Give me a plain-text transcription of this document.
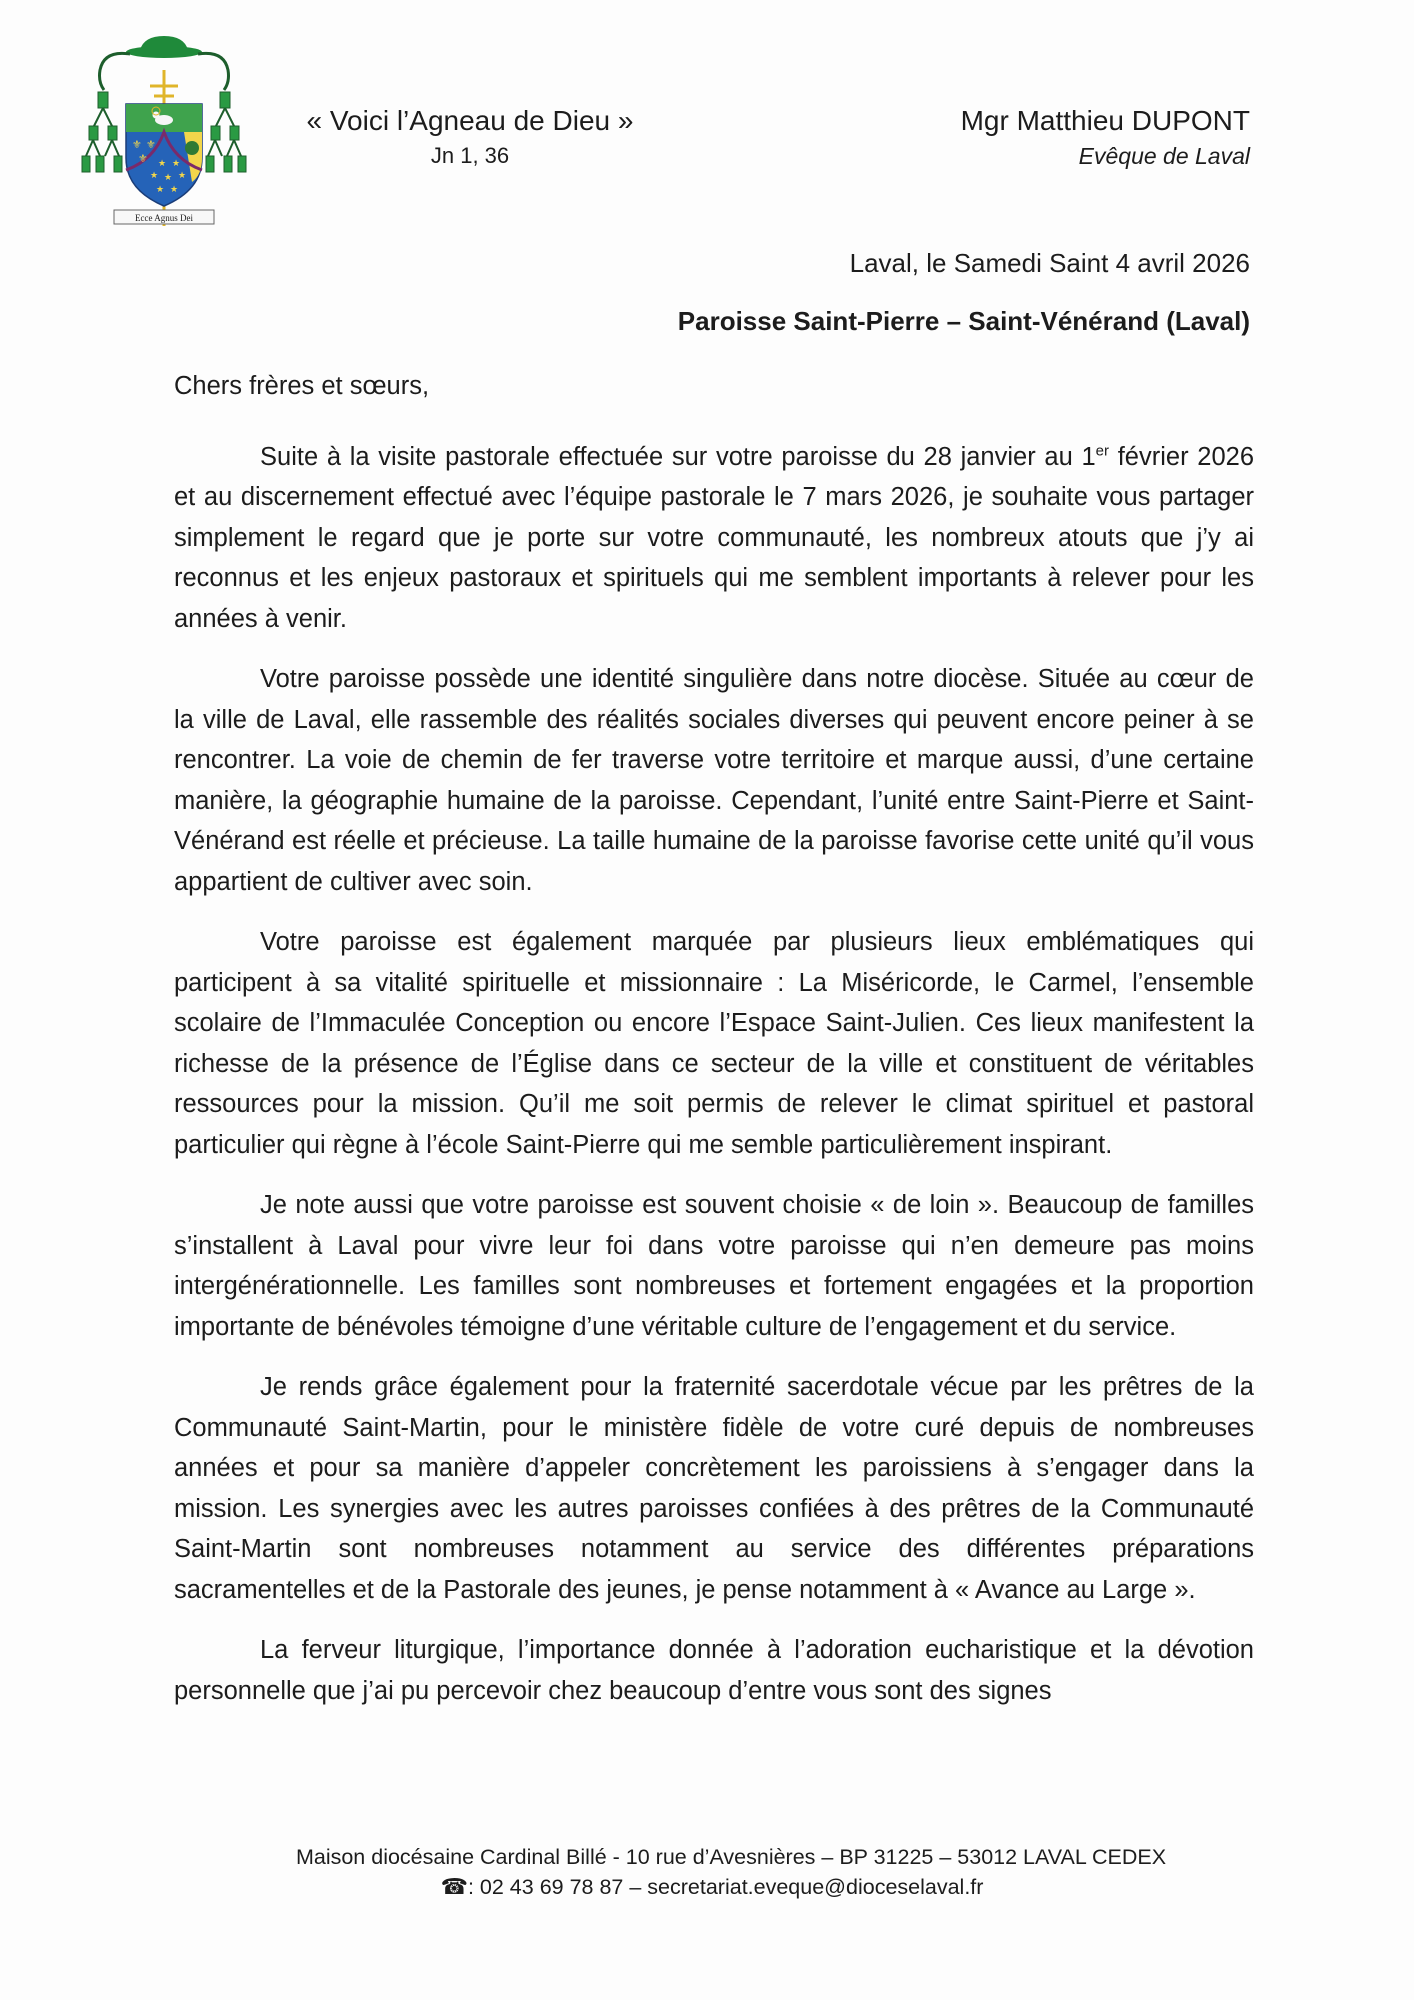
⚜ ⚜
⚜ ★ ★
★ ★ ★
★ ★
Ecce Agnus Dei
« Voici l’Agneau de Dieu »
Jn 1, 36
Mgr Matthieu DUPONT
Evêque de Laval
Laval, le Samedi Saint 4 avril 2026
Paroisse Saint-Pierre – Saint-Vénérand (Laval)
Chers frères et sœurs,

Suite à la visite pastorale effectuée sur votre paroisse du 28 janvier au 1er février 2026 et au discernement effectué avec l’équipe pastorale le 7 mars 2026, je souhaite vous partager simplement le regard que je porte sur votre communauté, les nombreux atouts que j’y ai reconnus et les enjeux pastoraux et spirituels qui me semblent importants à relever pour les années à venir.

Votre paroisse possède une identité singulière dans notre diocèse. Située au cœur de la ville de Laval, elle rassemble des réalités sociales diverses qui peuvent encore peiner à se rencontrer. La voie de chemin de fer traverse votre territoire et marque aussi, d’une certaine manière, la géographie humaine de la paroisse. Cependant, l’unité entre Saint-Pierre et Saint-Vénérand est réelle et précieuse. La taille humaine de la paroisse favorise cette unité qu’il vous appartient de cultiver avec soin.

Votre paroisse est également marquée par plusieurs lieux emblématiques qui participent à sa vitalité spirituelle et missionnaire : La Miséricorde, le Carmel, l’ensemble scolaire de l’Immaculée Conception ou encore l’Espace Saint-Julien. Ces lieux manifestent la richesse de la présence de l’Église dans ce secteur de la ville et constituent de véritables ressources pour la mission. Qu’il me soit permis de relever le climat spirituel et pastoral particulier qui règne à l’école Saint-Pierre qui me semble particulièrement inspirant.

Je note aussi que votre paroisse est souvent choisie « de loin ». Beaucoup de familles s’installent à Laval pour vivre leur foi dans votre paroisse qui n’en demeure pas moins intergénérationnelle. Les familles sont nombreuses et fortement engagées et la proportion importante de bénévoles témoigne d’une véritable culture de l’engagement et du service.

Je rends grâce également pour la fraternité sacerdotale vécue par les prêtres de la Communauté Saint-Martin, pour le ministère fidèle de votre curé depuis de nombreuses années et pour sa manière d’appeler concrètement les paroissiens à s’engager dans la mission. Les synergies avec les autres paroisses confiées à des prêtres de la Communauté Saint-Martin sont nombreuses notamment au service des différentes préparations sacramentelles et de la Pastorale des jeunes, je pense notamment à « Avance au Large ».

La ferveur liturgique, l’importance donnée à l’adoration eucharistique et la dévotion personnelle que j’ai pu percevoir chez beaucoup d’entre vous sont des signes

Maison diocésaine Cardinal Billé - 10 rue d’Avesnières – BP 31225 – 53012 LAVAL CEDEX
☎: 02 43 69 78 87 – secretariat.eveque@dioceselaval.fr
